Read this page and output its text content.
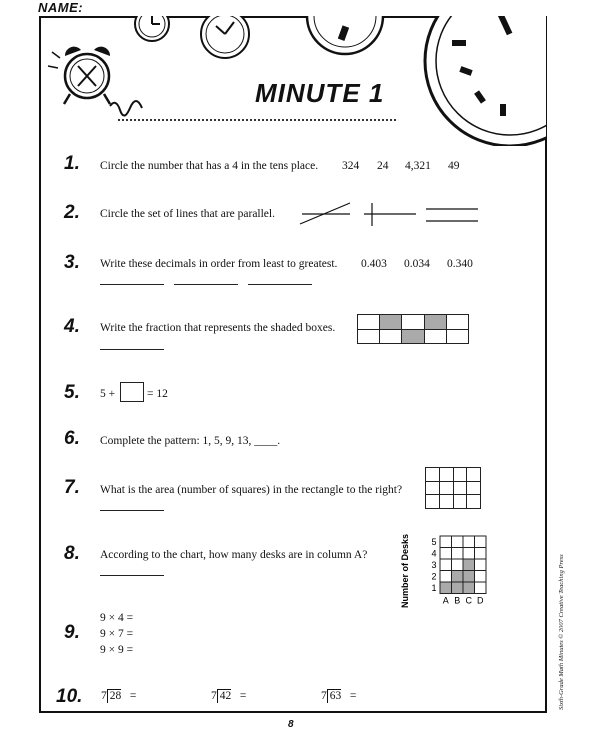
NAME:
MINUTE 1
1. Circle the number that has a 4 in the tens place. 324 24 4,321 49
2. Circle the set of lines that are parallel.
3. Write these decimals in order from least to greatest. 0.403 0.034 0.340
4. Write the fraction that represents the shaded boxes.

5. 5 +	= 12
6. Complete the pattern: 1, 5, 9, 13, ____.
7. What is the area (number of squares) in the rectangle to the right?

8. According to the chart, how many desks are in column A?	Number of Desks 1
2
3
4
5
A B C D
9.
9 × 4 =
9 × 7 =
9 × 9 =
10. 7 28 =	7 42 =	7 63 =
8
Sixth-Grade Math Minutes © 2007 Creative Teaching Press
